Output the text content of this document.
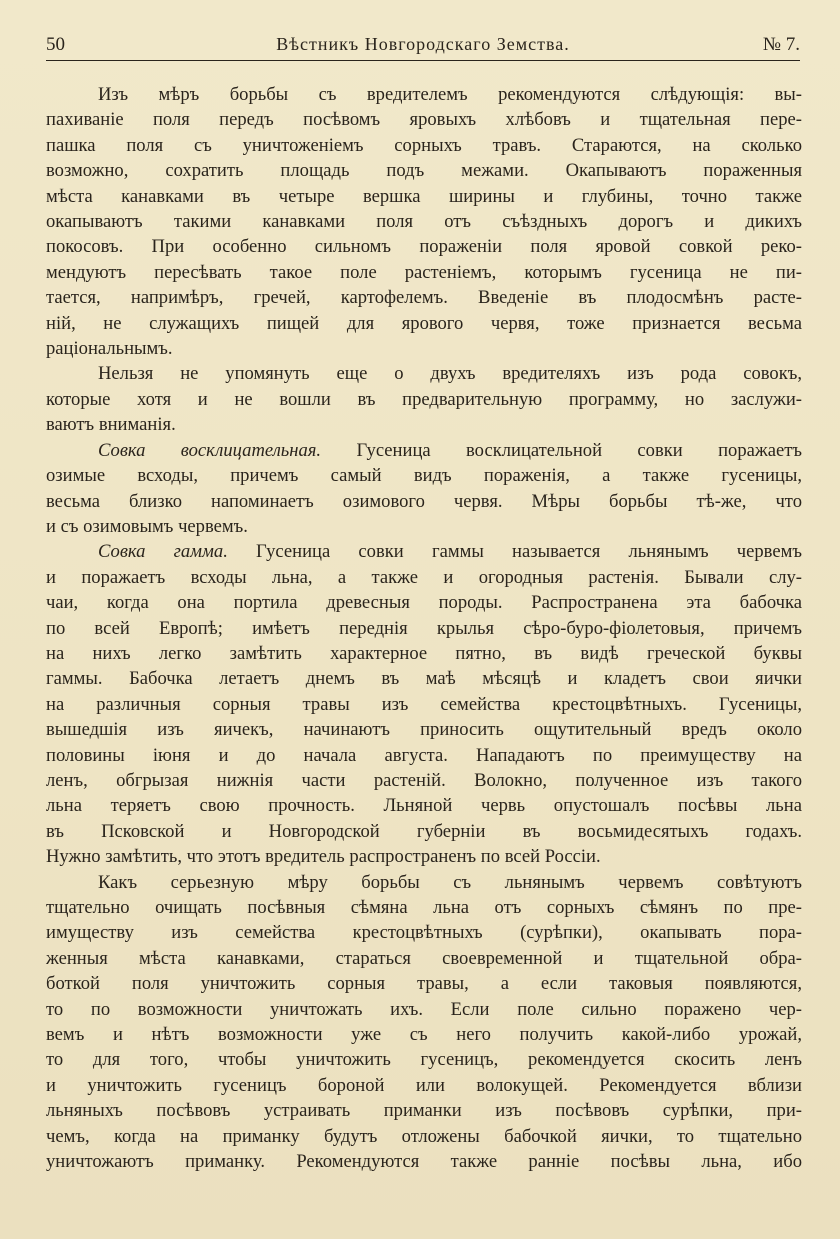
50	Вѣстникъ Новгородскаго Земства.	№ 7.
Изъ мѣръ борьбы съ вредителемъ рекомендуются слѣдующія: вы-
пахиваніе поля передъ посѣвомъ яровыхъ хлѣбовъ и тщательная пере-
пашка поля съ уничтоженіемъ сорныхъ травъ. Стараются, на сколько
возможно, сохратить площадь подъ межами. Окапываютъ пораженныя
мѣста канавками въ четыре вершка ширины и глубины, точно также
окапываютъ такими канавками поля отъ съѣздныхъ дорогъ и дикихъ
покосовъ. При особенно сильномъ пораженіи поля яровой совкой реко-
мендуютъ пересѣвать такое поле растеніемъ, которымъ гусеница не пи-
тается, напримѣръ, гречей, картофелемъ. Введеніе въ плодосмѣнъ расте-
ній, не служащихъ пищей для ярового червя, тоже признается весьма
раціональнымъ.
Нельзя не упомянуть еще о двухъ вредителяхъ изъ рода совокъ,
которые хотя и не вошли въ предварительную программу, но заслужи-
ваютъ вниманія.
Совка восклицательная. Гусеница восклицательной совки поражаетъ
озимые всходы, причемъ самый видъ пораженія, а также гусеницы,
весьма близко напоминаетъ озимового червя. Мѣры борьбы тѣ-же, что
и съ озимовымъ червемъ.
Совка гамма. Гусеница совки гаммы называется льнянымъ червемъ
и поражаетъ всходы льна, а также и огородныя растенія. Бывали слу-
чаи, когда она портила древесныя породы. Распространена эта бабочка
по всей Европѣ; имѣетъ переднія крылья сѣро-буро-фіолетовыя, причемъ
на нихъ легко замѣтить характерное пятно, въ видѣ греческой буквы
гаммы. Бабочка летаетъ днемъ въ маѣ мѣсяцѣ и кладетъ свои яички
на различныя сорныя травы изъ семейства крестоцвѣтныхъ. Гусеницы,
вышедшія изъ яичекъ, начинаютъ приносить ощутительный вредъ около
половины іюня и до начала августа. Нападаютъ по преимуществу на
ленъ, обгрызая нижнія части растеній. Волокно, полученное изъ такого
льна теряетъ свою прочность. Льняной червь опустошалъ посѣвы льна
въ Псковской и Новгородской губерніи въ восьмидесятыхъ годахъ.
Нужно замѣтить, что этотъ вредитель распространенъ по всей Россіи.
Какъ серьезную мѣру борьбы съ льнянымъ червемъ совѣтуютъ
тщательно очищать посѣвныя сѣмяна льна отъ сорныхъ сѣмянъ по пре-
имуществу изъ семейства крестоцвѣтныхъ (сурѣпки), окапывать пора-
женныя мѣста канавками, стараться своевременной и тщательной обра-
боткой поля уничтожить сорныя травы, а если таковыя появляются,
то по возможности уничтожать ихъ. Если поле сильно поражено чер-
вемъ и нѣтъ возможности уже съ него получить какой-либо урожай,
то для того, чтобы уничтожить гусеницъ, рекомендуется скосить ленъ
и уничтожить гусеницъ бороной или волокущей. Рекомендуется вблизи
льняныхъ посѣвовъ устраивать приманки изъ посѣвовъ сурѣпки, при-
чемъ, когда на приманку будутъ отложены бабочкой яички, то тщательно
уничтожаютъ приманку. Рекомендуются также ранніе посѣвы льна, ибо
